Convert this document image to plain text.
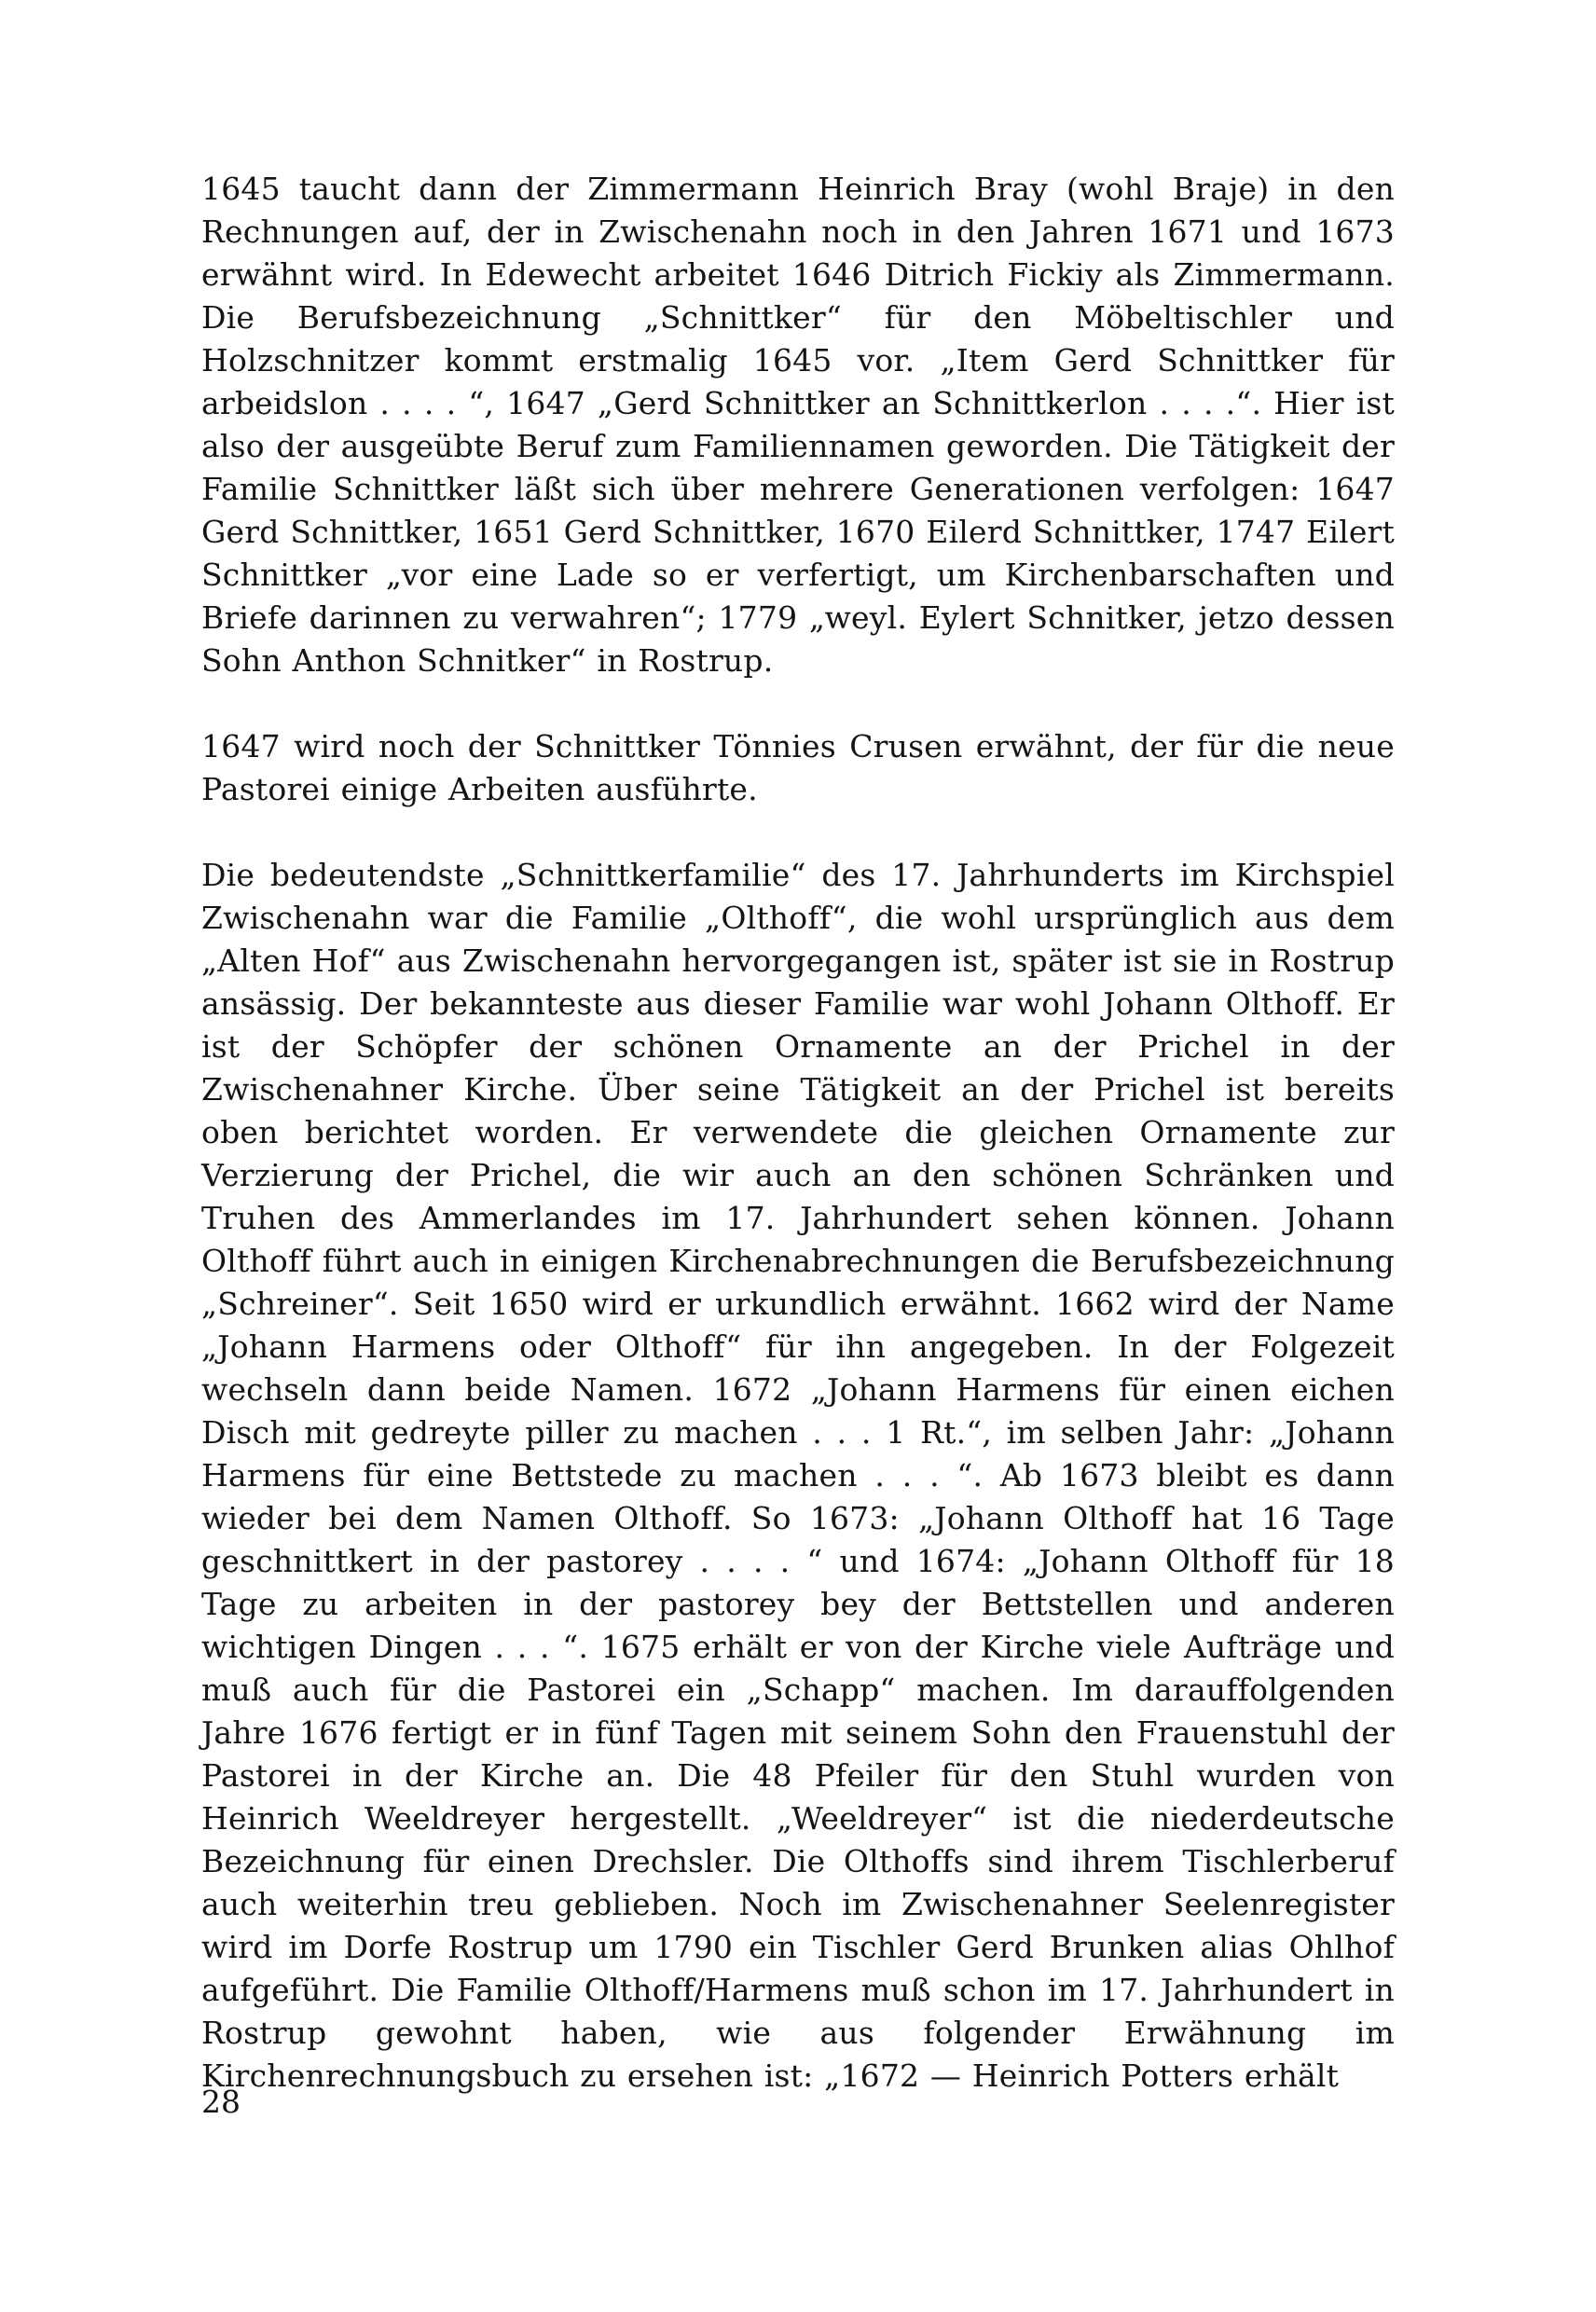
1645 taucht dann der Zimmermann Heinrich Bray (wohl Braje) in den Rechnungen auf, der in Zwischenahn noch in den Jahren 1671 und 1673 erwähnt wird. In Edewecht arbeitet 1646 Ditrich Fickiy als Zimmermann. Die Berufsbezeichnung „Schnittker“ für den Möbeltischler und Holzschnitzer kommt erstmalig 1645 vor. „Item Gerd Schnittker für arbeidslon . . . . “, 1647 „Gerd Schnittker an Schnittkerlon . . . .“. Hier ist also der ausgeübte Beruf zum Familiennamen geworden. Die Tätigkeit der Familie Schnittker läßt sich über mehrere Generationen verfolgen: 1647 Gerd Schnittker, 1651 Gerd Schnittker, 1670 Eilerd Schnittker, 1747 Eilert Schnittker „vor eine Lade so er verfertigt, um Kirchenbarschaften und Briefe darinnen zu verwahren“; 1779 „weyl. Eylert Schnitker, jetzo dessen Sohn Anthon Schnitker“ in Rostrup.

1647 wird noch der Schnittker Tönnies Crusen erwähnt, der für die neue Pastorei einige Arbeiten ausführte.

Die bedeutendste „Schnittkerfamilie“ des 17. Jahrhunderts im Kirchspiel Zwischenahn war die Familie „Olthoff“, die wohl ursprünglich aus dem „Alten Hof“ aus Zwischenahn hervorgegangen ist, später ist sie in Rostrup ansässig. Der bekannteste aus dieser Familie war wohl Johann Olthoff. Er ist der Schöpfer der schönen Ornamente an der Prichel in der Zwischenahner Kirche. Über seine Tätigkeit an der Prichel ist bereits oben berichtet worden. Er verwendete die gleichen Ornamente zur Verzierung der Prichel, die wir auch an den schönen Schränken und Truhen des Ammerlandes im 17. Jahrhundert sehen können. Johann Olthoff führt auch in einigen Kirchenabrechnungen die Berufsbezeichnung „Schreiner“. Seit 1650 wird er urkundlich erwähnt. 1662 wird der Name „Johann Harmens oder Olthoff“ für ihn angegeben. In der Folgezeit wechseln dann beide Namen. 1672 „Johann Harmens für einen eichen Disch mit gedreyte piller zu machen . . . 1 Rt.“, im selben Jahr: „Johann Harmens für eine Bettstede zu machen . . . “. Ab 1673 bleibt es dann wieder bei dem Namen Olthoff. So 1673: „Johann Olthoff hat 16 Tage geschnittkert in der pastorey . . . . “ und 1674: „Johann Olthoff für 18 Tage zu arbeiten in der pastorey bey der Bettstellen und anderen wichtigen Dingen . . . “. 1675 erhält er von der Kirche viele Aufträge und muß auch für die Pastorei ein „Schapp“ machen. Im darauffolgenden Jahre 1676 fertigt er in fünf Tagen mit seinem Sohn den Frauenstuhl der Pastorei in der Kirche an. Die 48 Pfeiler für den Stuhl wurden von Heinrich Weeldreyer hergestellt. „Weeldreyer“ ist die niederdeutsche Bezeichnung für einen Drechsler. Die Olthoffs sind ihrem Tischlerberuf auch weiterhin treu geblieben. Noch im Zwischenahner Seelenregister wird im Dorfe Rostrup um 1790 ein Tischler Gerd Brunken alias Ohlhof aufgeführt. Die Familie Olthoff/Harmens muß schon im 17. Jahrhundert in Rostrup gewohnt haben, wie aus folgender Erwähnung im Kirchenrechnungsbuch zu ersehen ist: „1672 — Heinrich Potters erhält

28
